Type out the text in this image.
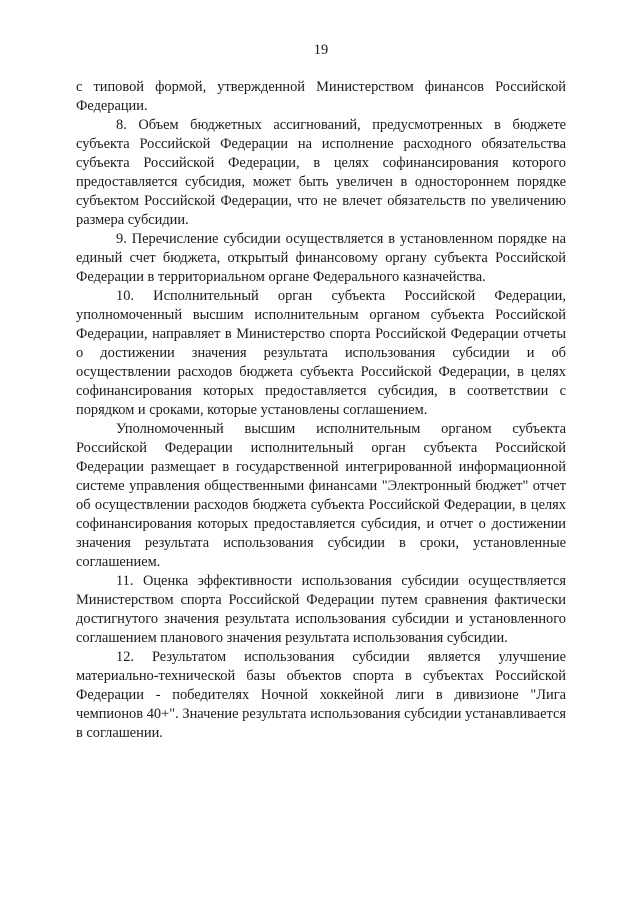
19

с типовой формой, утвержденной Министерством финансов Российской Федерации.

8. Объем бюджетных ассигнований, предусмотренных в бюджете субъекта Российской Федерации на исполнение расходного обязательства субъекта Российской Федерации, в целях софинансирования которого предоставляется субсидия, может быть увеличен в одностороннем порядке субъектом Российской Федерации, что не влечет обязательств по увеличению размера субсидии.

9. Перечисление субсидии осуществляется в установленном порядке на единый счет бюджета, открытый финансовому органу субъекта Российской Федерации в территориальном органе Федерального казначейства.

10. Исполнительный орган субъекта Российской Федерации, уполномоченный высшим исполнительным органом субъекта Российской Федерации, направляет в Министерство спорта Российской Федерации отчеты о достижении значения результата использования субсидии и об осуществлении расходов бюджета субъекта Российской Федерации, в целях софинансирования которых предоставляется субсидия, в соответствии с порядком и сроками, которые установлены соглашением.

Уполномоченный высшим исполнительным органом субъекта Российской Федерации исполнительный орган субъекта Российской Федерации размещает в государственной интегрированной информационной системе управления общественными финансами "Электронный бюджет" отчет об осуществлении расходов бюджета субъекта Российской Федерации, в целях софинансирования которых предоставляется субсидия, и отчет о достижении значения результата использования субсидии в сроки, установленные соглашением.

11. Оценка эффективности использования субсидии осуществляется Министерством спорта Российской Федерации путем сравнения фактически достигнутого значения результата использования субсидии и установленного соглашением планового значения результата использования субсидии.

12. Результатом использования субсидии является улучшение материально-технической базы объектов спорта в субъектах Российской Федерации - победителях Ночной хоккейной лиги в дивизионе "Лига чемпионов 40+". Значение результата использования субсидии устанавливается в соглашении.
